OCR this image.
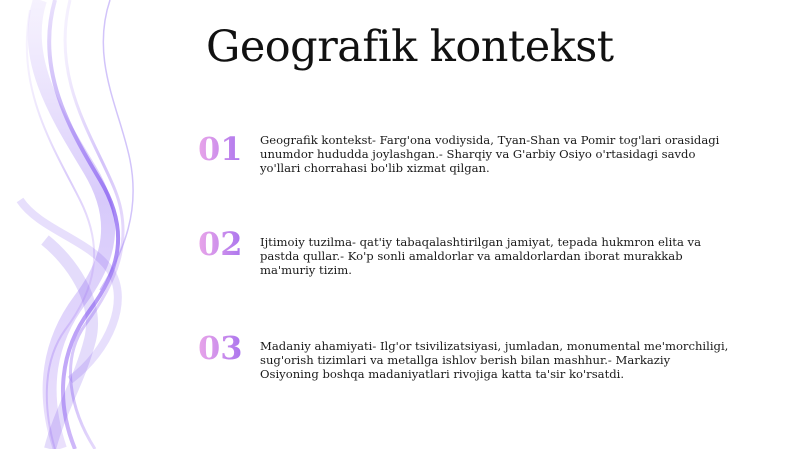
Geografik kontekst
01 Geografik kontekst- Farg'ona vodiysida, Tyan-Shan va Pomir tog'lari orasidagi unumdor hududda joylashgan.- Sharqiy va G'arbiy Osiyo o'rtasidagi savdo yo'llari chorrahasi bo'lib xizmat qilgan.
02 Ijtimoiy tuzilma- qat'iy tabaqalashtirilgan jamiyat, tepada hukmron elita va pastda qullar.- Ko'p sonli amaldorlar va amaldorlardan iborat murakkab ma'muriy tizim.
03 Madaniy ahamiyati- Ilg'or tsivilizatsiyasi, jumladan, monumental me'morchiligi, sug'orish tizimlari va metallga ishlov berish bilan mashhur.- Markaziy Osiyoning boshqa madaniyatlari rivojiga katta ta'sir ko'rsatdi.
